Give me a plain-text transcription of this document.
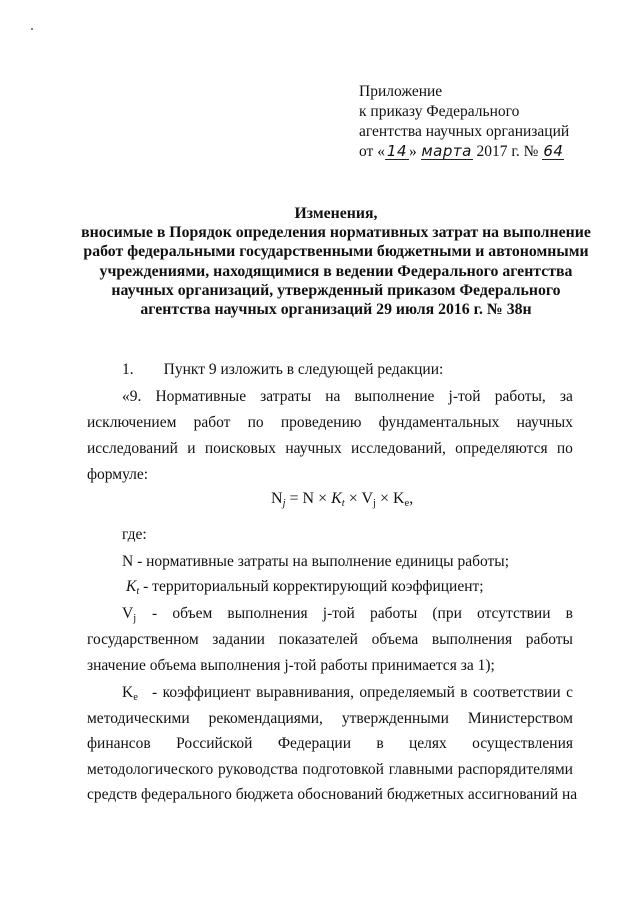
Приложение
к приказу Федерального
агентства научных организаций
от « 14 » марта 2017 г. № 64
Изменения,
вносимые в Порядок определения нормативных затрат на выполнение
работ федеральными государственными бюджетными и автономными
учреждениями, находящимися в ведении Федерального агентства
научных организаций, утвержденный приказом Федерального
агентства научных организаций 29 июля 2016 г. № 38н
1. Пункт 9 изложить в следующей редакции:
«9. Нормативные затраты на выполнение j-той работы, за
исключением работ по проведению фундаментальных научных
исследований и поисковых научных исследований, определяются по
формуле:
$N_j = N \times K_t \times V_j \times K_e$,
где:
N - нормативные затраты на выполнение единицы работы;
$K_t$ - территориальный корректирующий коэффициент;
$V_j$ - объем выполнения j-той работы (при отсутствии в
государственном задании показателей объема выполнения работы
значение объема выполнения j-той работы принимается за 1);
$K_e$ - коэффициент выравнивания, определяемый в соответствии с
методическими рекомендациями, утвержденными Министерством
финансов Российской Федерации в целях осуществления
методологического руководства подготовкой главными распорядителями
средств федерального бюджета обоснований бюджетных ассигнований на
